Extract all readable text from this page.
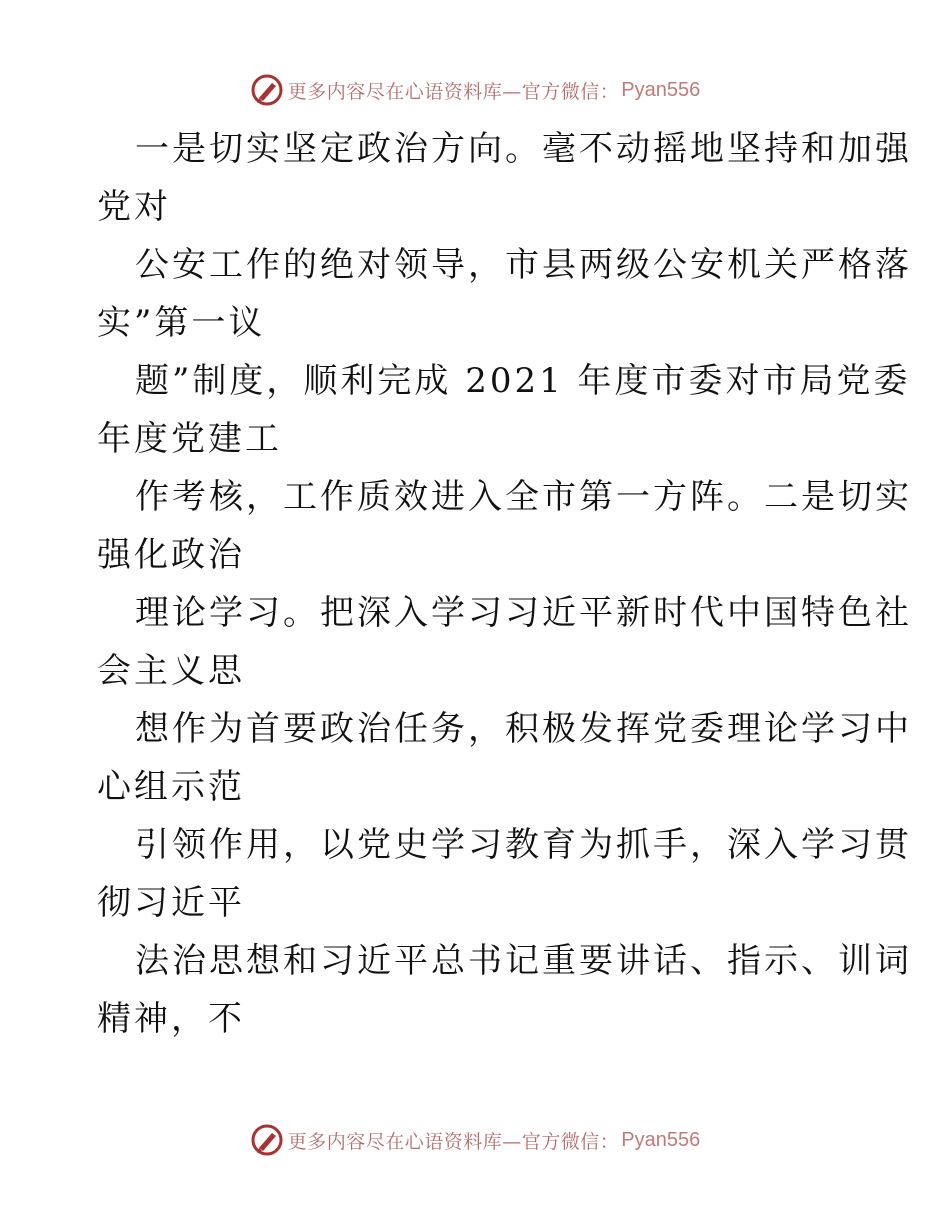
更多内容尽在心语资料库—官方微信： Pyan556
一是切实坚定政治方向。毫不动摇地坚持和加强
党对
公安工作的绝对领导，市县两级公安机关严格落
实”第一议
题”制度，顺利完成 2021 年度市委对市局党委
年度党建工
作考核，工作质效进入全市第一方阵。二是切实
强化政治
理论学习。把深入学习习近平新时代中国特色社
会主义思
想作为首要政治任务，积极发挥党委理论学习中
心组示范
引领作用，以党史学习教育为抓手，深入学习贯
彻习近平
法治思想和习近平总书记重要讲话、指示、训词
精神，不
更多内容尽在心语资料库—官方微信： Pyan556
